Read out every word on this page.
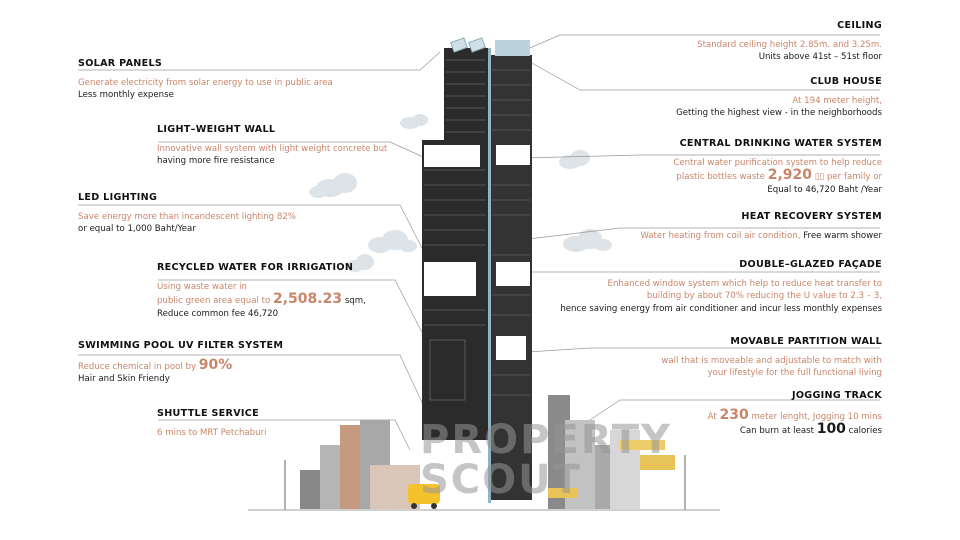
SOLAR PANELS
Generate electricity from solar energy to use in public area
Less monthly expense
LIGHT–WEIGHT WALL
Innovative wall system with light weight concrete but
having more fire resistance
LED LIGHTING
Save energy more than incandescent lighting 82%
or equal to 1,000 Baht/Year
RECYCLED WATER FOR IRRIGATION
Using waste water in
public green area equal to 2,508.23 sqm,
Reduce common fee 46,720
SWIMMING POOL UV FILTER SYSTEM
Reduce chemical in pool by 90%
Hair and Skin Friendy
SHUTTLE SERVICE
6 mins to MRT Petchaburi
CEILING
Standard ceiling height 2.85m. and 3.25m.
Units above 41st – 51st floor
CLUB HOUSE
At 194 meter height,
Getting the highest view - in the neighborhoods
CENTRAL DRINKING WATER SYSTEM
Central water purification system to help reduce
plastic bottles waste 2,920 ▯▯ per family or
Equal to 46,720 Baht /Year
HEAT RECOVERY SYSTEM
Water heating from coil air condition, Free warm shower
DOUBLE–GLAZED FAÇADE
Enhanced window system which help to reduce heat transfer to
building by about 70% reducing the U value to 2.3 – 3,
hence saving energy from air conditioner and incur less monthly expenses
MOVABLE PARTITION WALL
wall that is moveable and adjustable to match with
your lifestyle for the full functional living
JOGGING TRACK
At 230 meter lenght, Jogging 10 mins
Can burn at least 100 calories
PROPERTY
SCOUT
